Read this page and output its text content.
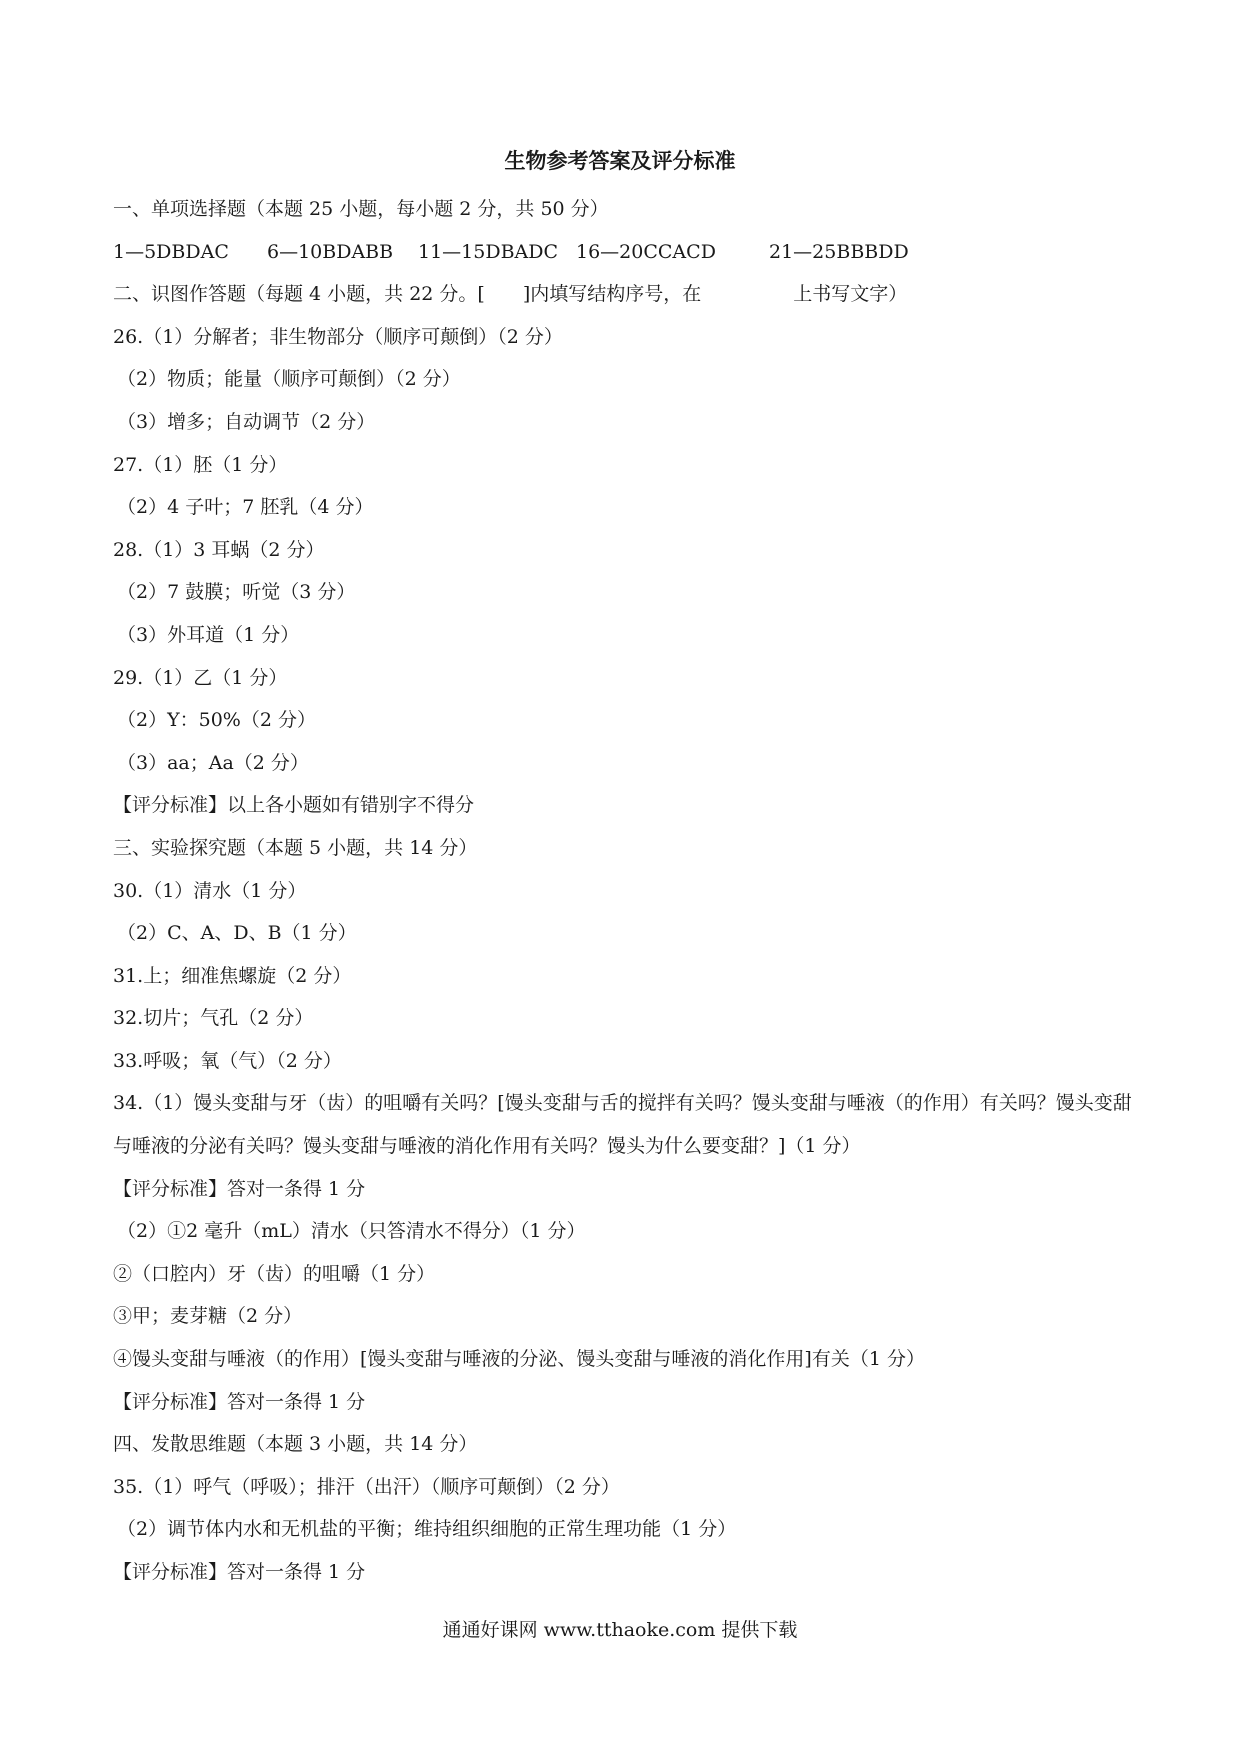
生物参考答案及评分标准
一、单项选择题（本题 25 小题，每小题 2 分，共 50 分）
1—5DBDAC 6—10BDABB 11—15DBADC 16—20CCACD	21—25BBBDD
二、识图作答题（每题 4 小题，共 22 分。[ ]内填写结构序号，在	上书写文字）
26.（1）分解者；非生物部分（顺序可颠倒）（2 分）
（2）物质；能量（顺序可颠倒）（2 分）
（3）增多；自动调节（2 分）
27.（1）胚（1 分）
（2）4 子叶；7 胚乳（4 分）
28.（1）3 耳蜗（2 分）
（2）7 鼓膜；听觉（3 分）
（3）外耳道（1 分）
29.（1）乙（1 分）
（2）Y：50%（2 分）
（3）aa；Aa（2 分）
【评分标准】以上各小题如有错别字不得分
三、实验探究题（本题 5 小题，共 14 分）
30.（1）清水（1 分）
（2）C、A、D、B（1 分）
31.上；细准焦螺旋（2 分）
32.切片；气孔（2 分）
33.呼吸；氧（气）（2 分）
34.（1）馒头变甜与牙（齿）的咀嚼有关吗？[馒头变甜与舌的搅拌有关吗？馒头变甜与唾液（的作用）有关吗？馒头变甜与唾液的分泌有关吗？馒头变甜与唾液的消化作用有关吗？馒头为什么要变甜？]（1 分）
【评分标准】答对一条得 1 分
（2）①2 毫升（mL）清水（只答清水不得分）（1 分）
②（口腔内）牙（齿）的咀嚼（1 分）
③甲；麦芽糖（2 分）
④馒头变甜与唾液（的作用）[馒头变甜与唾液的分泌、馒头变甜与唾液的消化作用]有关（1 分）
【评分标准】答对一条得 1 分
四、发散思维题（本题 3 小题，共 14 分）
35.（1）呼气（呼吸）；排汗（出汗）（顺序可颠倒）（2 分）
（2）调节体内水和无机盐的平衡；维持组织细胞的正常生理功能（1 分）
【评分标准】答对一条得 1 分
通通好课网 www.tthaoke.com 提供下载
